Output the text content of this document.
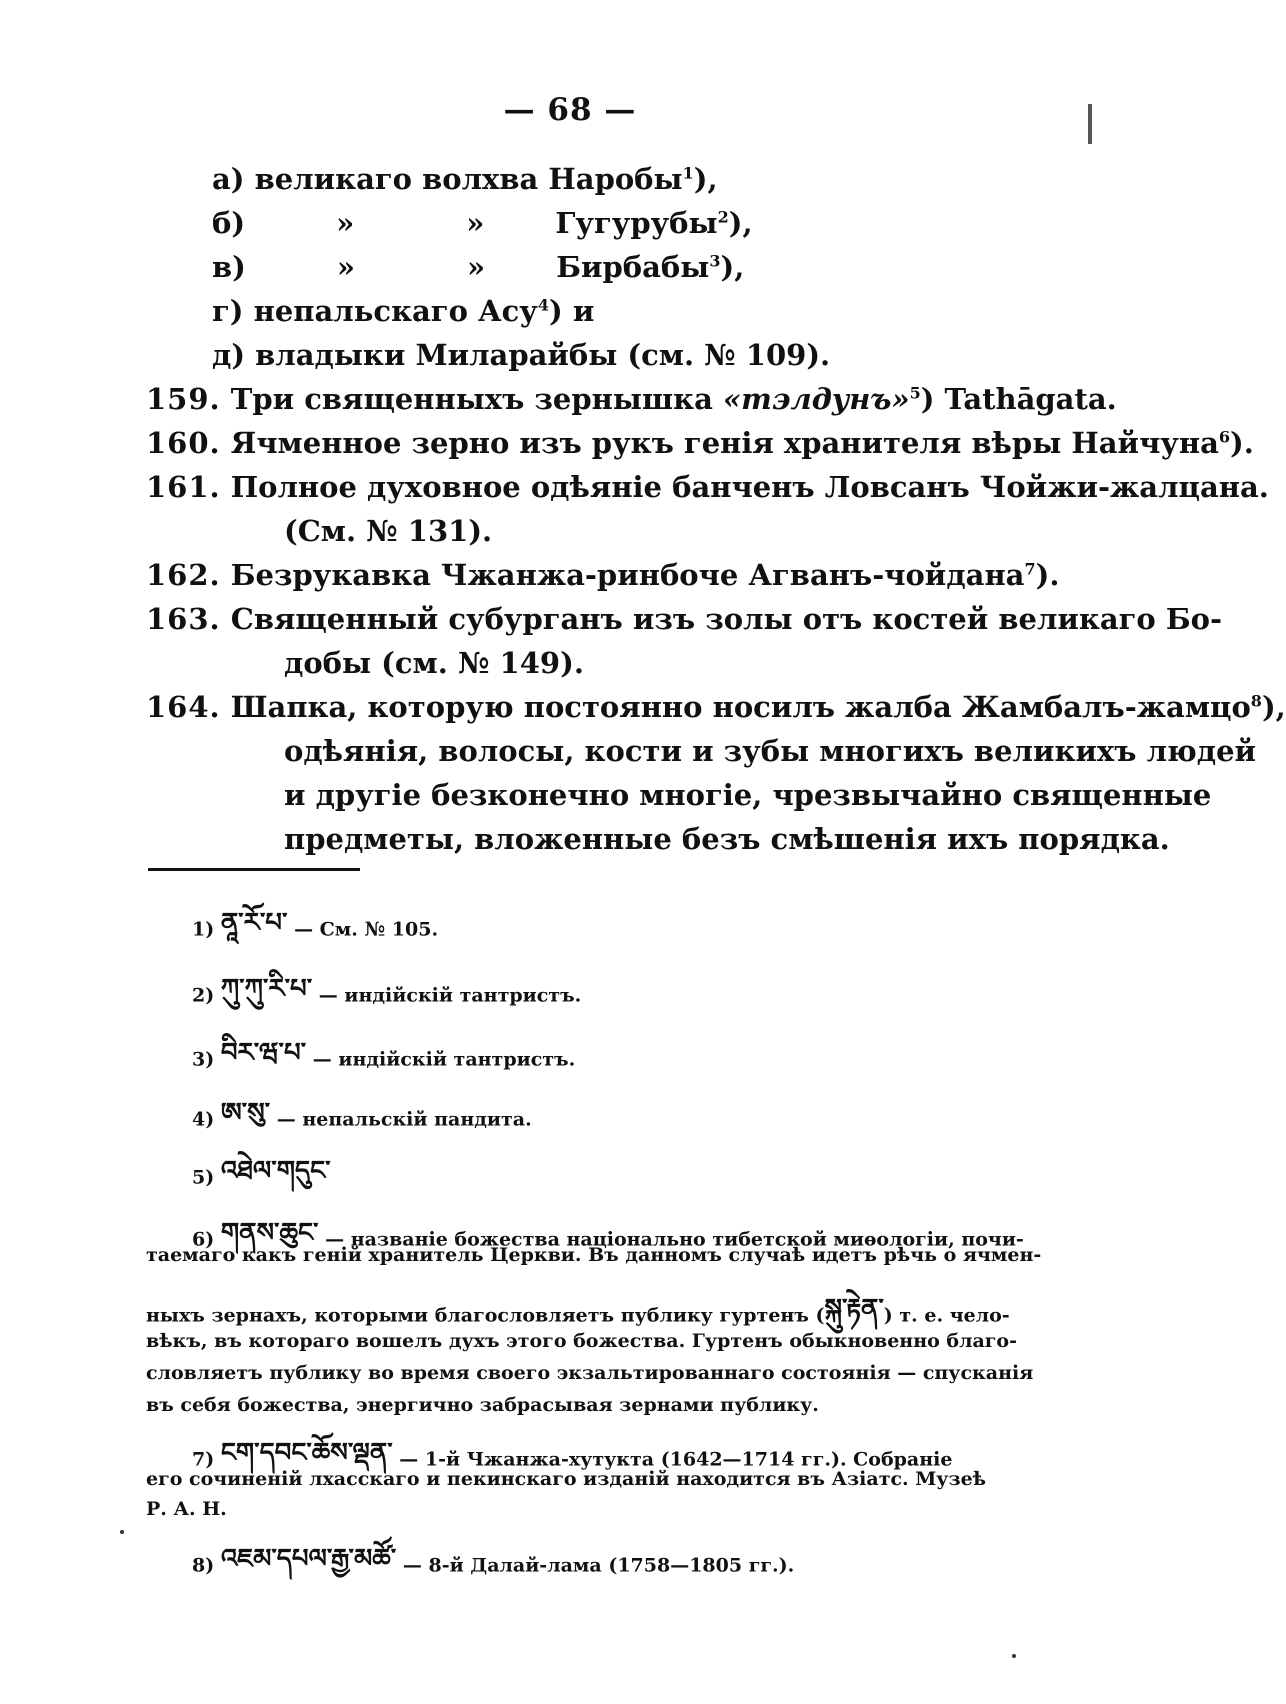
— 68 —
а) великаго волхва Наробы$^1$),
б)	»	» Гугурубы$^2$),
в)	»	» Бирбабы$^3$),
г) непальскаго Асу$^4$) и
д) владыки Миларайбы (см. № 109).
159. Три священныхъ зернышка «тэлдунъ»$^5$) Tathāgata.
160. Ячменное зерно изъ рукъ генія хранителя вѣры Найчуна$^6$).
161. Полное духовное одѣяніе банченъ Ловсанъ Чойжи-жалцана.
(См. № 131).
162. Безрукавка Чжанжа-ринбоче Агванъ-чойдана$^7$).
163. Священный субурганъ изъ золы отъ костей великаго Бо-
добы (см. № 149).
164. Шапка, которую постоянно носилъ жалба Жамбалъ-жамцо$^8$),
одѣянія, волосы, кости и зубы многихъ великихъ людей
и другіе безконечно многіе, чрезвычайно священные
предметы, вложенные безъ смѣшенія ихъ порядка.
1) ནཱ་རོ་པ་ — См. № 105.
2) ཀུ་ཀུ་རི་པ་ — индійскій тантристъ.
3) བིར་ཝ་པ་ — индійскій тантристъ.
4) ཨ་སུ་ — непальскій пандита.
5) འཐེལ་གདུང་
6) གནས་ཆུང་ — названіе божества національно тибетской миѳологіи, почи-
таемаго какъ геній хранитель Церкви. Въ данномъ случаѣ идетъ рѣчь о ячмен-
ныхъ зернахъ, которыми благословляетъ публику гуртенъ (སྐུ་རྟེན་) т. е. чело-
вѣкъ, въ котораго вошелъ духъ этого божества. Гуртенъ обыкновенно благо-
словляетъ публику во время своего экзальтированнаго состоянія — спусканія
въ себя божества, энергично забрасывая зернами публику.
7) ངག་དབང་ཆོས་ལྡན་ — 1-й Чжанжа-хутукта (1642—1714 гг.). Собраніе
его сочиненій лхасскаго и пекинскаго изданій находится въ Азіатс. Музеѣ
Р. А. Н.
8) འཇམ་དཔལ་རྒྱ་མཚོ་ — 8-й Далай-лама (1758—1805 гг.).
